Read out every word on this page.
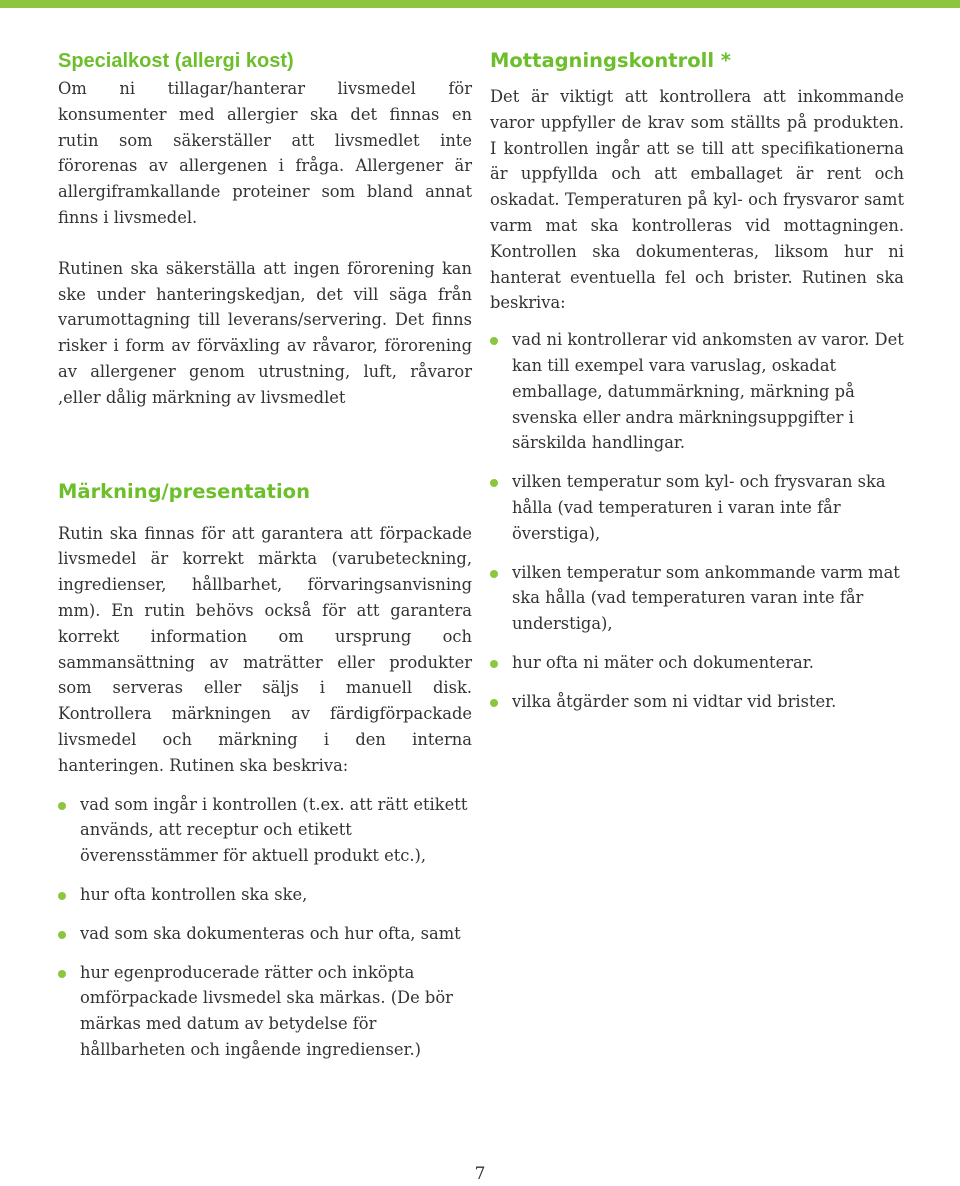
Specialkost (allergi kost)

Om ni tillagar/hanterar livsmedel för konsumenter med allergier ska det finnas en rutin som säkerställer att livsmedlet inte förorenas av allergenen i fråga. Allergener är allergiframkallande proteiner som bland annat finns i livsmedel.

Rutinen ska säkerställa att ingen förorening kan ske under hanteringskedjan, det vill säga från varumottagning till leverans/servering. Det finns risker i form av förväxling av råvaror, förorening av allergener genom utrustning, luft, råvaror ,eller dålig märkning av livsmedlet

Märkning/presentation

Rutin ska finnas för att garantera att förpackade livsmedel är korrekt märkta (varubeteckning, ingredienser, hållbarhet, förvaringsanvisning mm). En rutin behövs också för att garantera korrekt information om ursprung och sammansättning av maträtter eller produkter som serveras eller säljs i manuell disk. Kontrollera märkningen av färdigförpackade livsmedel och märkning i den interna hanteringen. Rutinen ska beskriva:

vad som ingår i kontrollen (t.ex. att rätt etikett används, att receptur och etikett överensstämmer för aktuell produkt etc.),
hur ofta kontrollen ska ske,
vad som ska dokumenteras och hur ofta, samt
hur egenproducerade rätter och inköpta omförpackade livsmedel ska märkas. (De bör märkas med datum av betydelse för hållbarheten och ingående ingredienser.)
Mottagningskontroll *

Det är viktigt att kontrollera att inkommande varor uppfyller de krav som ställts på produkten. I kontrollen ingår att se till att specifikationerna är uppfyllda och att emballaget är rent och oskadat. Temperaturen på kyl- och frysvaror samt varm mat ska kontrolleras vid mottagningen. Kontrollen ska dokumenteras, liksom hur ni hanterat eventuella fel och brister. Rutinen ska beskriva:

vad ni kontrollerar vid ankomsten av varor. Det kan till exempel vara varuslag, oskadat emballage, datummärkning, märkning på svenska eller andra märkningsuppgifter i särskilda handlingar.
vilken temperatur som kyl- och frysvaran ska hålla (vad temperaturen i varan inte får överstiga),
vilken temperatur som ankommande varm mat ska hålla (vad temperaturen varan inte får understiga),
hur ofta ni mäter och dokumenterar.
vilka åtgärder som ni vidtar vid brister.
7
